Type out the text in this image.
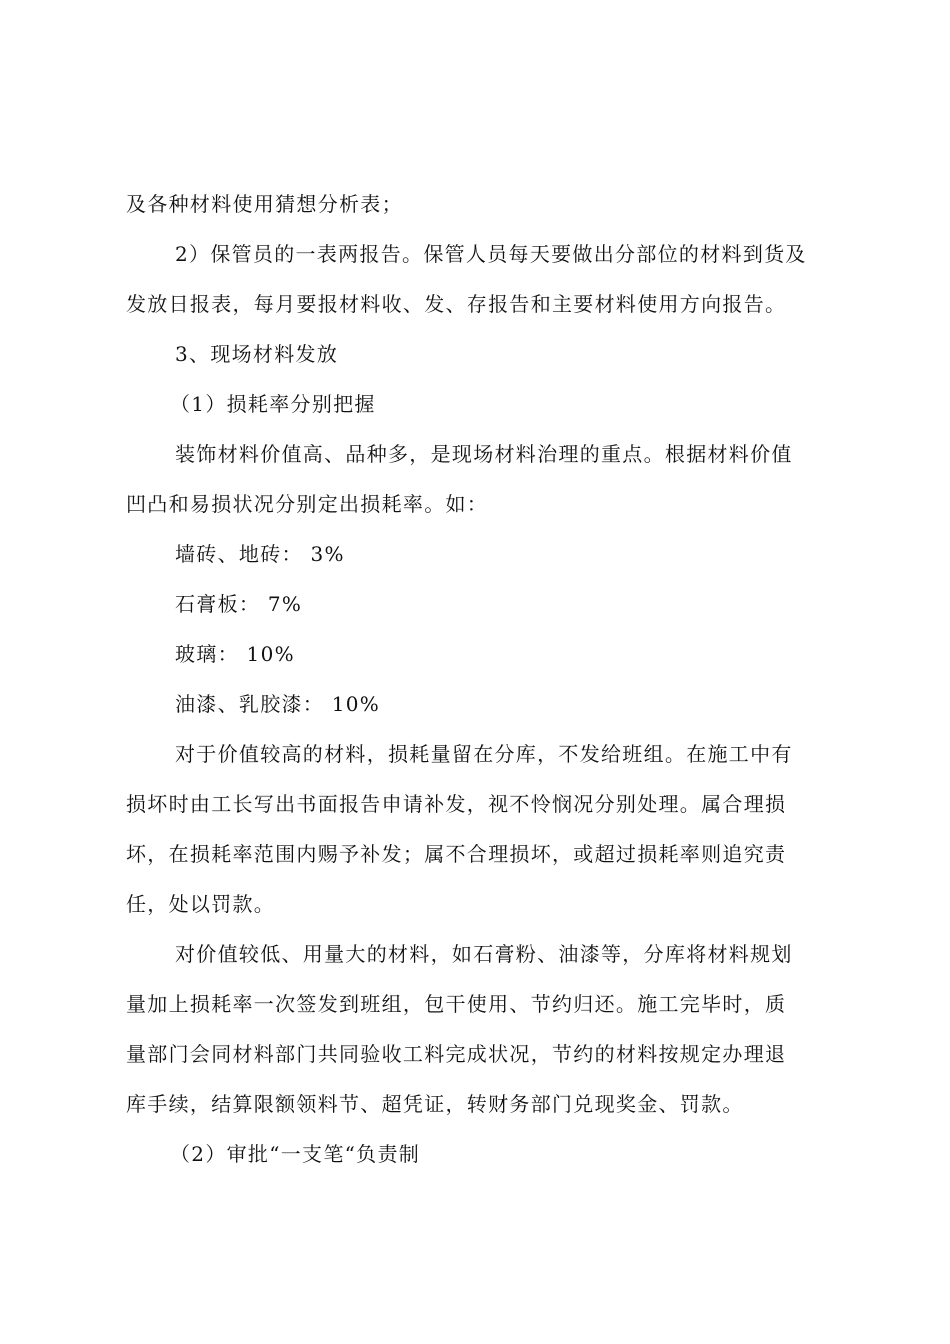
及各种材料使用猜想分析表；
2）保管员的一表两报告。保管人员每天要做出分部位的材料到货及
发放日报表，每月要报材料收、发、存报告和主要材料使用方向报告。
3、现场材料发放
（1）损耗率分别把握
装饰材料价值高、品种多，是现场材料治理的重点。根据材料价值
凹凸和易损状况分别定出损耗率。如：
墙砖、地砖： 3%
石膏板： 7%
玻璃： 10%
油漆、乳胶漆： 10%
对于价值较高的材料，损耗量留在分库，不发给班组。在施工中有
损坏时由工长写出书面报告申请补发，视不怜悯况分别处理。属合理损
坏，在损耗率范围内赐予补发；属不合理损坏，或超过损耗率则追究责
任，处以罚款。
对价值较低、用量大的材料，如石膏粉、油漆等，分库将材料规划
量加上损耗率一次签发到班组，包干使用、节约归还。施工完毕时，质
量部门会同材料部门共同验收工料完成状况，节约的材料按规定办理退
库手续，结算限额领料节、超凭证，转财务部门兑现奖金、罚款。
（2）审批“一支笔“负责制
